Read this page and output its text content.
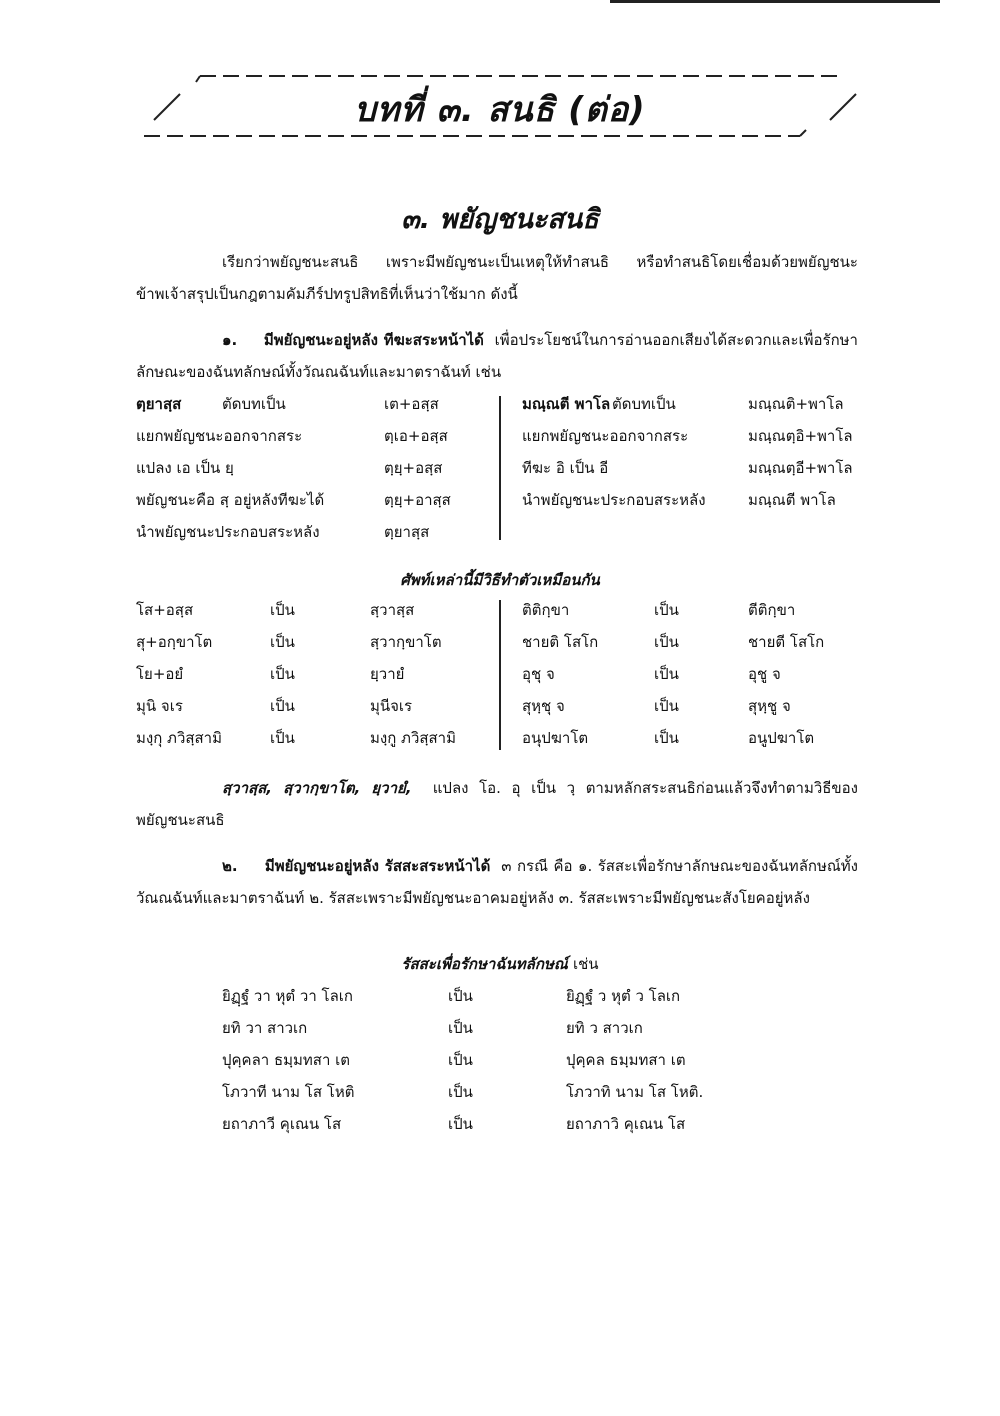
บทที่ ๓. สนธิ (ต่อ)
๓. พยัญชนะสนธิ
เรียกว่าพยัญชนะสนธิ เพราะมีพยัญชนะเป็นเหตุให้ทำสนธิ หรือทำสนธิโดยเชื่อมด้วยพยัญชนะ ข้าพเจ้าสรุปเป็นกฎตามคัมภีร์ปทรูปสิทธิที่เห็นว่าใช้มาก ดังนี้
๑. มีพยัญชนะอยู่หลัง ทีฆะสระหน้าได้ เพื่อประโยชน์ในการอ่านออกเสียงได้สะดวกและเพื่อรักษาลักษณะของฉันทลักษณ์ทั้งวัณณฉันท์และมาตราฉันท์ เช่น
ตฺยาสฺส	ตัดบทเป็น	เต+อสฺส
แยกพยัญชนะออกจากสระ	ตฺเอ+อสฺส
แปลง เอ เป็น ยฺ	ตฺยฺ+อสฺส
พยัญชนะคือ สฺ อยู่หลังทีฆะได้	ตฺยฺ+อาสฺส
นำพยัญชนะประกอบสระหลัง	ตฺยาสฺส
มณฺณตี พาโล ตัดบทเป็น	มณฺณติ+พาโล
แยกพยัญชนะออกจากสระ	มณฺณตฺอิ+พาโล
ทีฆะ อิ เป็น อี	มณฺณตฺอี+พาโล
นำพยัญชนะประกอบสระหลัง	มณฺณตี พาโล
ศัพท์เหล่านี้มีวิธีทำตัวเหมือนกัน
โส+อสฺส	เป็น	สฺวาสฺส
สุ+อกฺขาโต	เป็น	สฺวากฺขาโต
โย+อยํ	เป็น	ยฺวายํ
มุนิ จเร	เป็น	มุนีจเร
มงฺกุ ภวิสฺสามิ	เป็น	มงฺกู ภวิสฺสามิ
ติติกฺขา	เป็น	ตีติกฺขา
ชายติ โสโก	เป็น	ชายตี โสโก
อุชุ จ	เป็น	อุชู จ
สุหฺชุ จ	เป็น	สุหฺชู จ
อนุปฆาโต	เป็น	อนูปฆาโต
สฺวาสฺส, สฺวากฺขาโต, ยฺวายํ, แปลง โอ. อุ เป็น วฺ ตามหลักสระสนธิก่อนแล้วจึงทำตามวิธีของพยัญชนะสนธิ
๒. มีพยัญชนะอยู่หลัง รัสสะสระหน้าได้ ๓ กรณี คือ ๑. รัสสะเพื่อรักษาลักษณะของฉันทลักษณ์ทั้งวัณณฉันท์และมาตราฉันท์ ๒. รัสสะเพราะมีพยัญชนะอาคมอยู่หลัง ๓. รัสสะเพราะมีพยัญชนะสังโยคอยู่หลัง
รัสสะเพื่อรักษาฉันทลักษณ์ เช่น
ยิฏฺฐํ วา หุตํ วา โลเก	เป็น	ยิฏฺฐํ ว หุตํ ว โลเก
ยทิ วา สาวเก	เป็น	ยทิ ว สาวเก
ปุคฺคลา ธมฺมทสา เต	เป็น	ปุคฺคล ธมฺมทสา เต
โภวาที นาม โส โหติ	เป็น	โภวาทิ นาม โส โหติ.
ยถาภาวี คุเณน โส	เป็น	ยถาภาวิ คุเณน โส
